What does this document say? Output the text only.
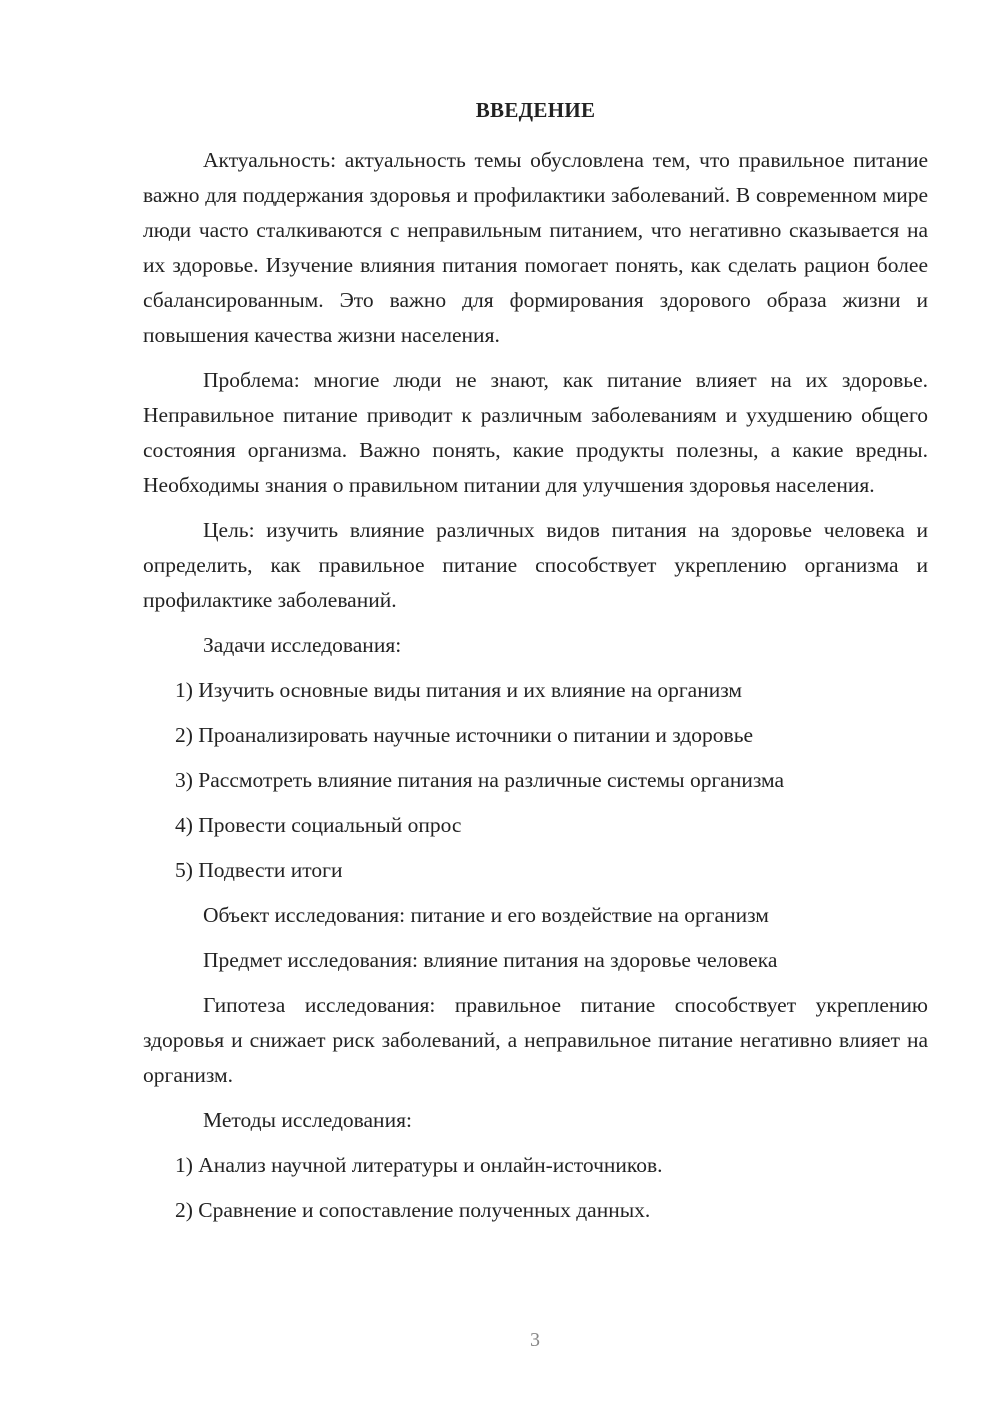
ВВЕДЕНИЕ

Актуальность: актуальность темы обусловлена тем, что правильное питание важно для поддержания здоровья и профилактики заболеваний. В современном мире люди часто сталкиваются с неправильным питанием, что негативно сказывается на их здоровье. Изучение влияния питания помогает понять, как сделать рацион более сбалансированным. Это важно для формирования здорового образа жизни и повышения качества жизни населения.

Проблема: многие люди не знают, как питание влияет на их здоровье. Неправильное питание приводит к различным заболеваниям и ухудшению общего состояния организма. Важно понять, какие продукты полезны, а какие вредны. Необходимы знания о правильном питании для улучшения здоровья населения.

Цель: изучить влияние различных видов питания на здоровье человека и определить, как правильное питание способствует укреплению организма и профилактике заболеваний.

Задачи исследования:
1) Изучить основные виды питания и их влияние на организм
2) Проанализировать научные источники о питании и здоровье
3) Рассмотреть влияние питания на различные системы организма
4) Провести социальный опрос
5) Подвести итоги
Объект исследования: питание и его воздействие на организм
Предмет исследования: влияние питания на здоровье человека

Гипотеза исследования: правильное питание способствует укреплению здоровья и снижает риск заболеваний, а неправильное питание негативно влияет на организм.

Методы исследования:
1) Анализ научной литературы и онлайн-источников.
2) Сравнение и сопоставление полученных данных.
3
